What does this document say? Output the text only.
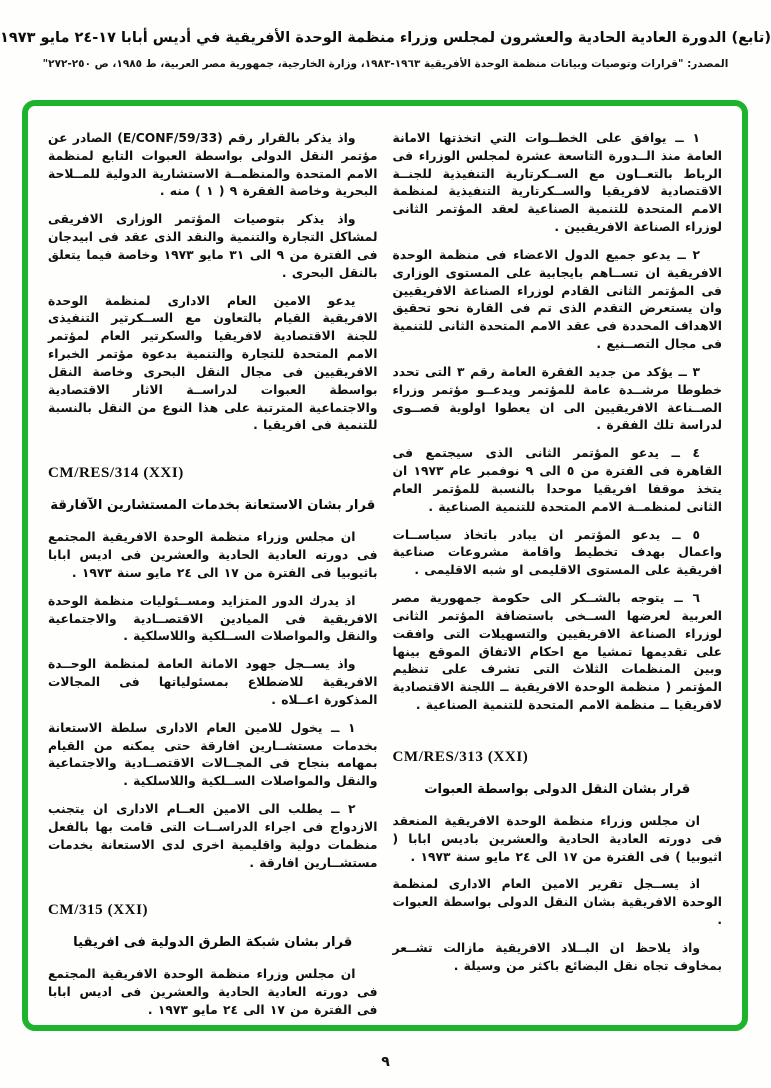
(تابع) الدورة العادية الحادية والعشرون لمجلس وزراء منظمة الوحدة الأفريقية في أديس أبابا ١٧-٢٤ مايو ١٩٧٣

المصدر: "قرارات وتوصيات وبيانات منظمة الوحدة الأفريقية ١٩٦٣-١٩٨٣، وزارة الخارجية، جمهورية مصر العربية، ط ١٩٨٥، ص ٢٥٠-٢٧٢"

١ ــ يوافق على الخطــوات التي اتخذتها الامانة العامة منذ الــدورة التاسعة عشرة لمجلس الوزراء فى الرباط بالتعــاون مع الســكرتارية التنفيذية للجنــة الاقتصادية لافريقيا والســكرتارية التنفيذية لمنظمة الامم المتحدة للتنمية الصناعية لعقد المؤتمر الثانى لوزراء الصناعة الافريقيين .

٢ ــ يدعو جميع الدول الاعضاء فى منظمة الوحدة الافريقية ان تســاهم بايجابية على المستوى الوزارى فى المؤتمر الثانى القادم لوزراء الصناعة الافريقيين وان يستعرض التقدم الذى تم فى القارة نحو تحقيق الاهداف المحددة فى عقد الامم المتحدة الثانى للتنمية فى مجال التصــنيع .

٣ ــ يؤكد من جديد الفقرة العامة رقم ٣ التى تحدد خطوطا مرشــدة عامة للمؤتمر ويدعــو مؤتمر وزراء الصــناعة الافريقيين الى ان يعطوا اولوية قصــوى لدراسة تلك الفقرة .

٤ ــ يدعو المؤتمر الثانى الذى سيجتمع فى القاهرة فى الفترة من ٥ الى ٩ نوفمبر عام ١٩٧٣ ان يتخذ موقفا افريقيا موحدا بالنسبة للمؤتمر العام الثانى لمنظمــة الامم المتحدة للتنمية الصناعية .

٥ ــ يدعو المؤتمر ان يبادر باتخاذ سياســات واعمال بهدف تخطيط واقامة مشروعات صناعية افريقية على المستوى الاقليمى او شبه الاقليمى .

٦ ــ يتوجه بالشــكر الى حكومة جمهورية مصر العربية لعرضها الســخى باستضافة المؤتمر الثانى لوزراء الصناعة الافريقيين والتسهيلات التى وافقت على تقديمها تمشيا مع احكام الاتفاق الموقع بينها وبين المنظمات الثلاث التى تشرف على تنظيم المؤتمر ( منظمة الوحدة الافريقية ــ اللجنة الاقتصادية لافريقيا ــ منظمة الامم المتحدة للتنمية الصناعية .

CM/RES/313 (XXI)

قرار بشان النقل الدولى بواسطة العبوات

ان مجلس وزراء منظمة الوحدة الافريقية المنعقد فى دورته العادية الحادية والعشرين باديس ابابا ( اثيوبيا ) فى الفترة من ١٧ الى ٢٤ مايو سنة ١٩٧٣ .

اذ يســجل تقرير الامين العام الادارى لمنظمة الوحدة الافريقية بشان النقل الدولى بواسطة العبوات .

واذ يلاحظ ان البــلاد الافريقية مازالت تشــعر بمخاوف تجاه نقل البضائع باكثر من وسيلة .

واذ يذكر بالقرار رقم (E/CONF/59/33) الصادر عن مؤتمر النقل الدولى بواسطة العبوات التابع لمنظمة الامم المتحدة والمنظمــة الاستشارية الدولية للمــلاحة البحرية وخاصة الفقرة ٩ ( ١ ) منه .

واذ يذكر بتوصيات المؤتمر الوزارى الافريقى لمشاكل التجارة والتنمية والنقد الذى عقد فى ابيدجان فى الفترة من ٩ الى ٣١ مايو ١٩٧٣ وخاصة فيما يتعلق بالنقل البحرى .

يدعو الامين العام الادارى لمنظمة الوحدة الافريقية القيام بالتعاون مع الســكرتير التنفيذى للجنة الاقتصادية لافريقيا والسكرتير العام لمؤتمر الامم المتحدة للتجارة والتنمية بدعوة مؤتمر الخبراء الافريقيين فى مجال النقل البحرى وخاصة النقل بواسطة العبوات لدراســة الاثار الاقتصادية والاجتماعية المترتبة على هذا النوع من النقل بالنسبة للتنمية فى افريقيا .

CM/RES/314 (XXI)

قرار بشان الاستعانة بخدمات المستشارين الآفارقة

ان مجلس وزراء منظمة الوحدة الافريقية المجتمع فى دورته العادية الحادية والعشرين فى اديس ابابا باثيوبيا فى الفترة من ١٧ الى ٢٤ مايو سنة ١٩٧٣ .

اذ يدرك الدور المتزايد ومســئوليات منظمة الوحدة الافريقية فى الميادين الاقتصــادية والاجتماعية والنقل والمواصلات الســلكية واللاسلكية .

واذ يســجل جهود الامانة العامة لمنظمة الوحــدة الافريقية للاضطلاع بمسئولياتها فى المجالات المذكورة اعــلاه .

١ ــ يخول للامين العام الادارى سلطة الاستعانة بخدمات مستشــارين افارقة حتى يمكنه من القيام بمهامه بنجاح فى المجــالات الاقتصــادية والاجتماعية والنقل والمواصلات الســلكية واللاسلكية .

٢ ــ يطلب الى الامين العــام الادارى ان يتجنب الازدواج فى اجراء الدراســات التى قامت بها بالفعل منظمات دولية واقليمية اخرى لدى الاستعانة بخدمات مستشــارين افارقة .

CM/315 (XXI)

قرار بشان شبكة الطرق الدولية فى افريقيا

ان مجلس وزراء منظمة الوحدة الافريقية المجتمع فى دورته العادية الحادية والعشرين فى اديس ابابا فى الفترة من ١٧ الى ٢٤ مايو ١٩٧٣ .

٩
